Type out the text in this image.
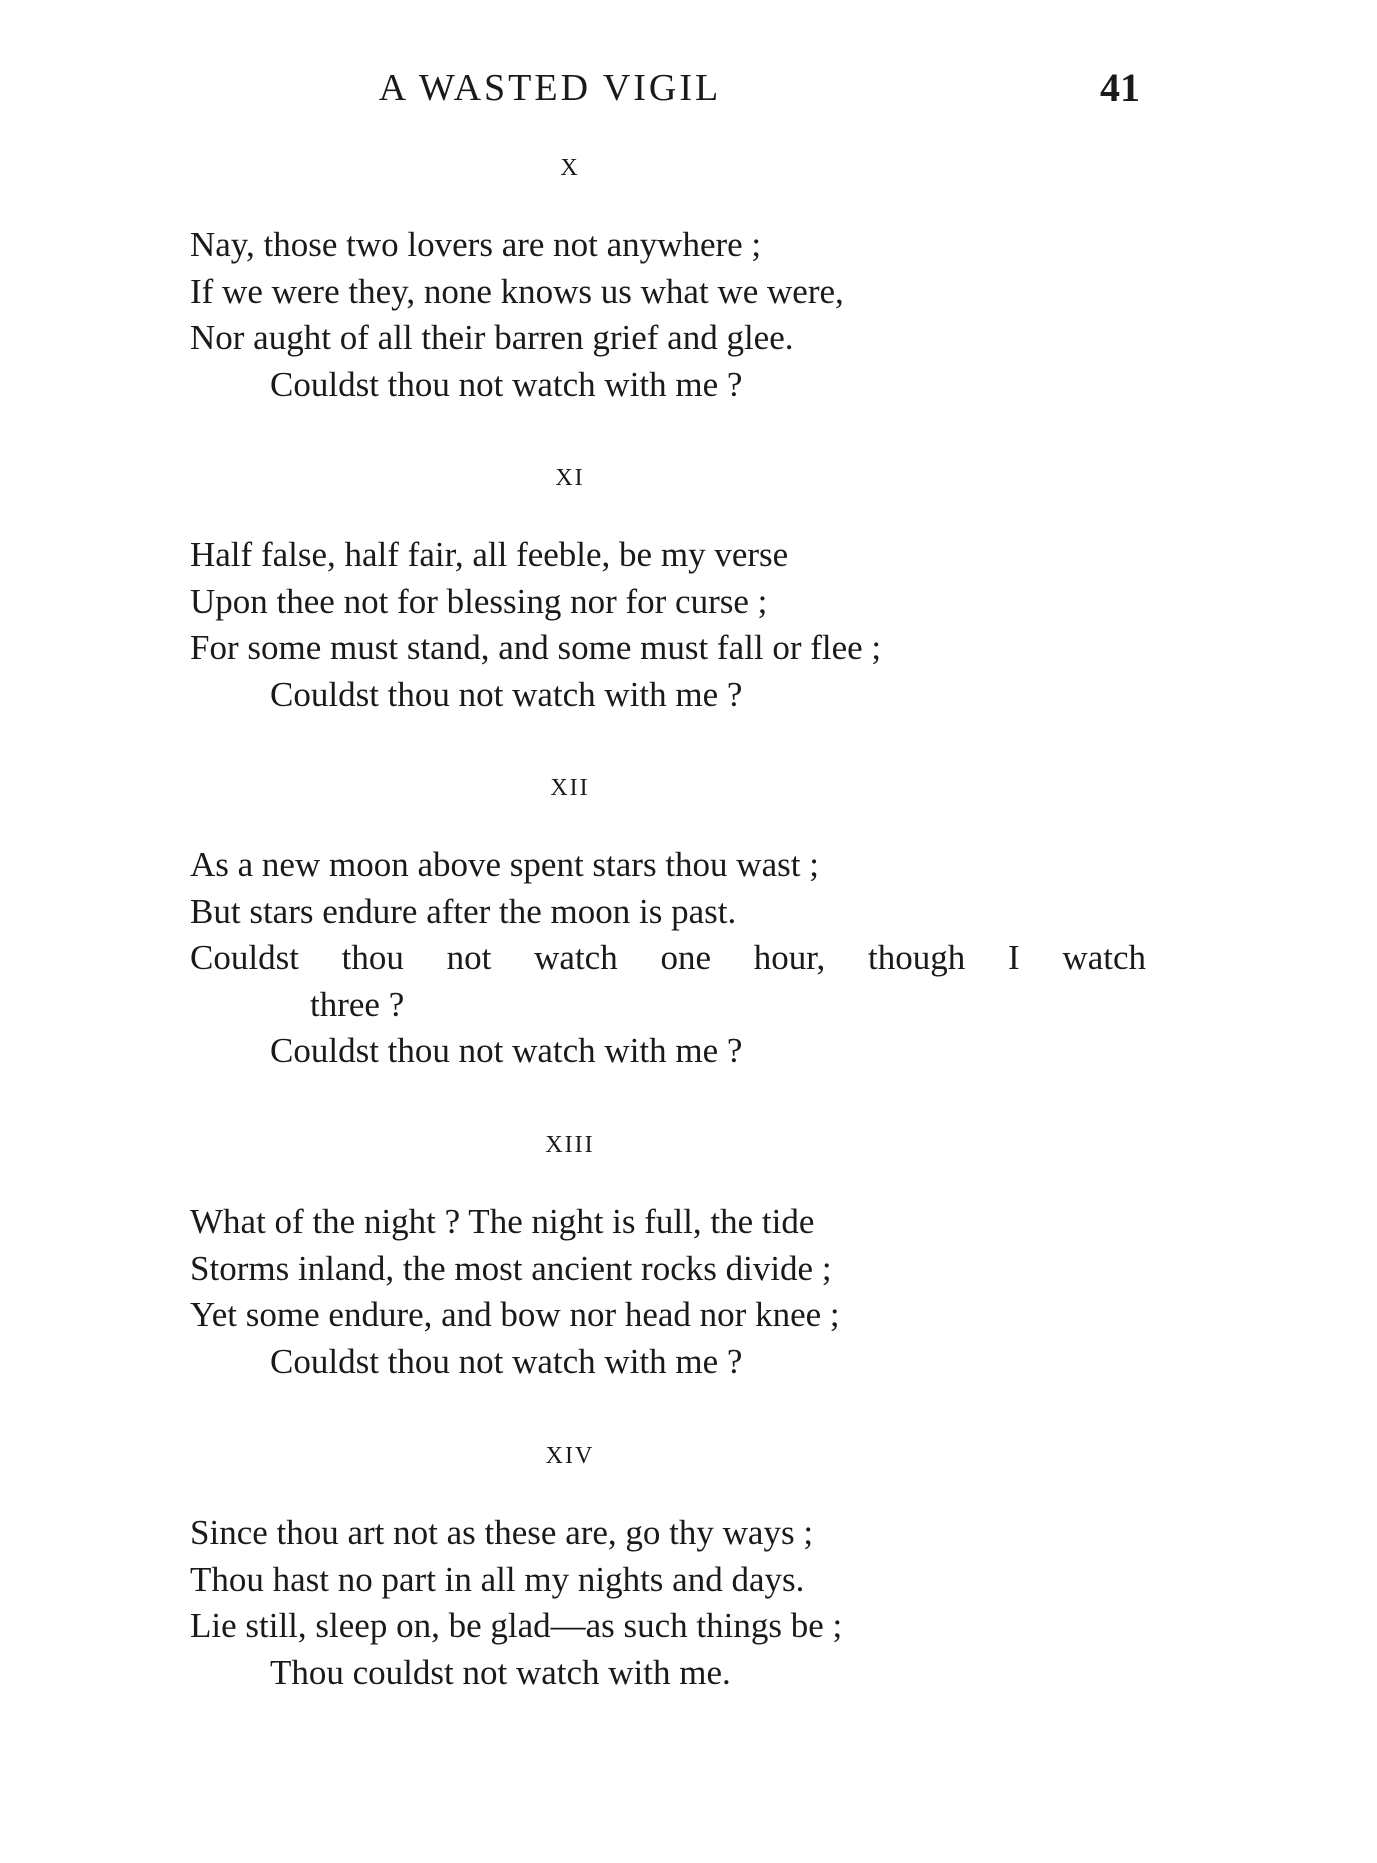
A WASTED VIGIL	41
X
Nay, those two lovers are not anywhere ;
If we were they, none knows us what we were,
Nor aught of all their barren grief and glee.
Couldst thou not watch with me ?
XI
Half false, half fair, all feeble, be my verse
Upon thee not for blessing nor for curse ;
For some must stand, and some must fall or flee ;
Couldst thou not watch with me ?
XII
As a new moon above spent stars thou wast ;
But stars endure after the moon is past.
Couldst thou not watch one hour, though I watch
three ?
Couldst thou not watch with me ?
XIII
What of the night ? The night is full, the tide
Storms inland, the most ancient rocks divide ;
Yet some endure, and bow nor head nor knee ;
Couldst thou not watch with me ?
XIV
Since thou art not as these are, go thy ways ;
Thou hast no part in all my nights and days.
Lie still, sleep on, be glad—as such things be ;
Thou couldst not watch with me.
